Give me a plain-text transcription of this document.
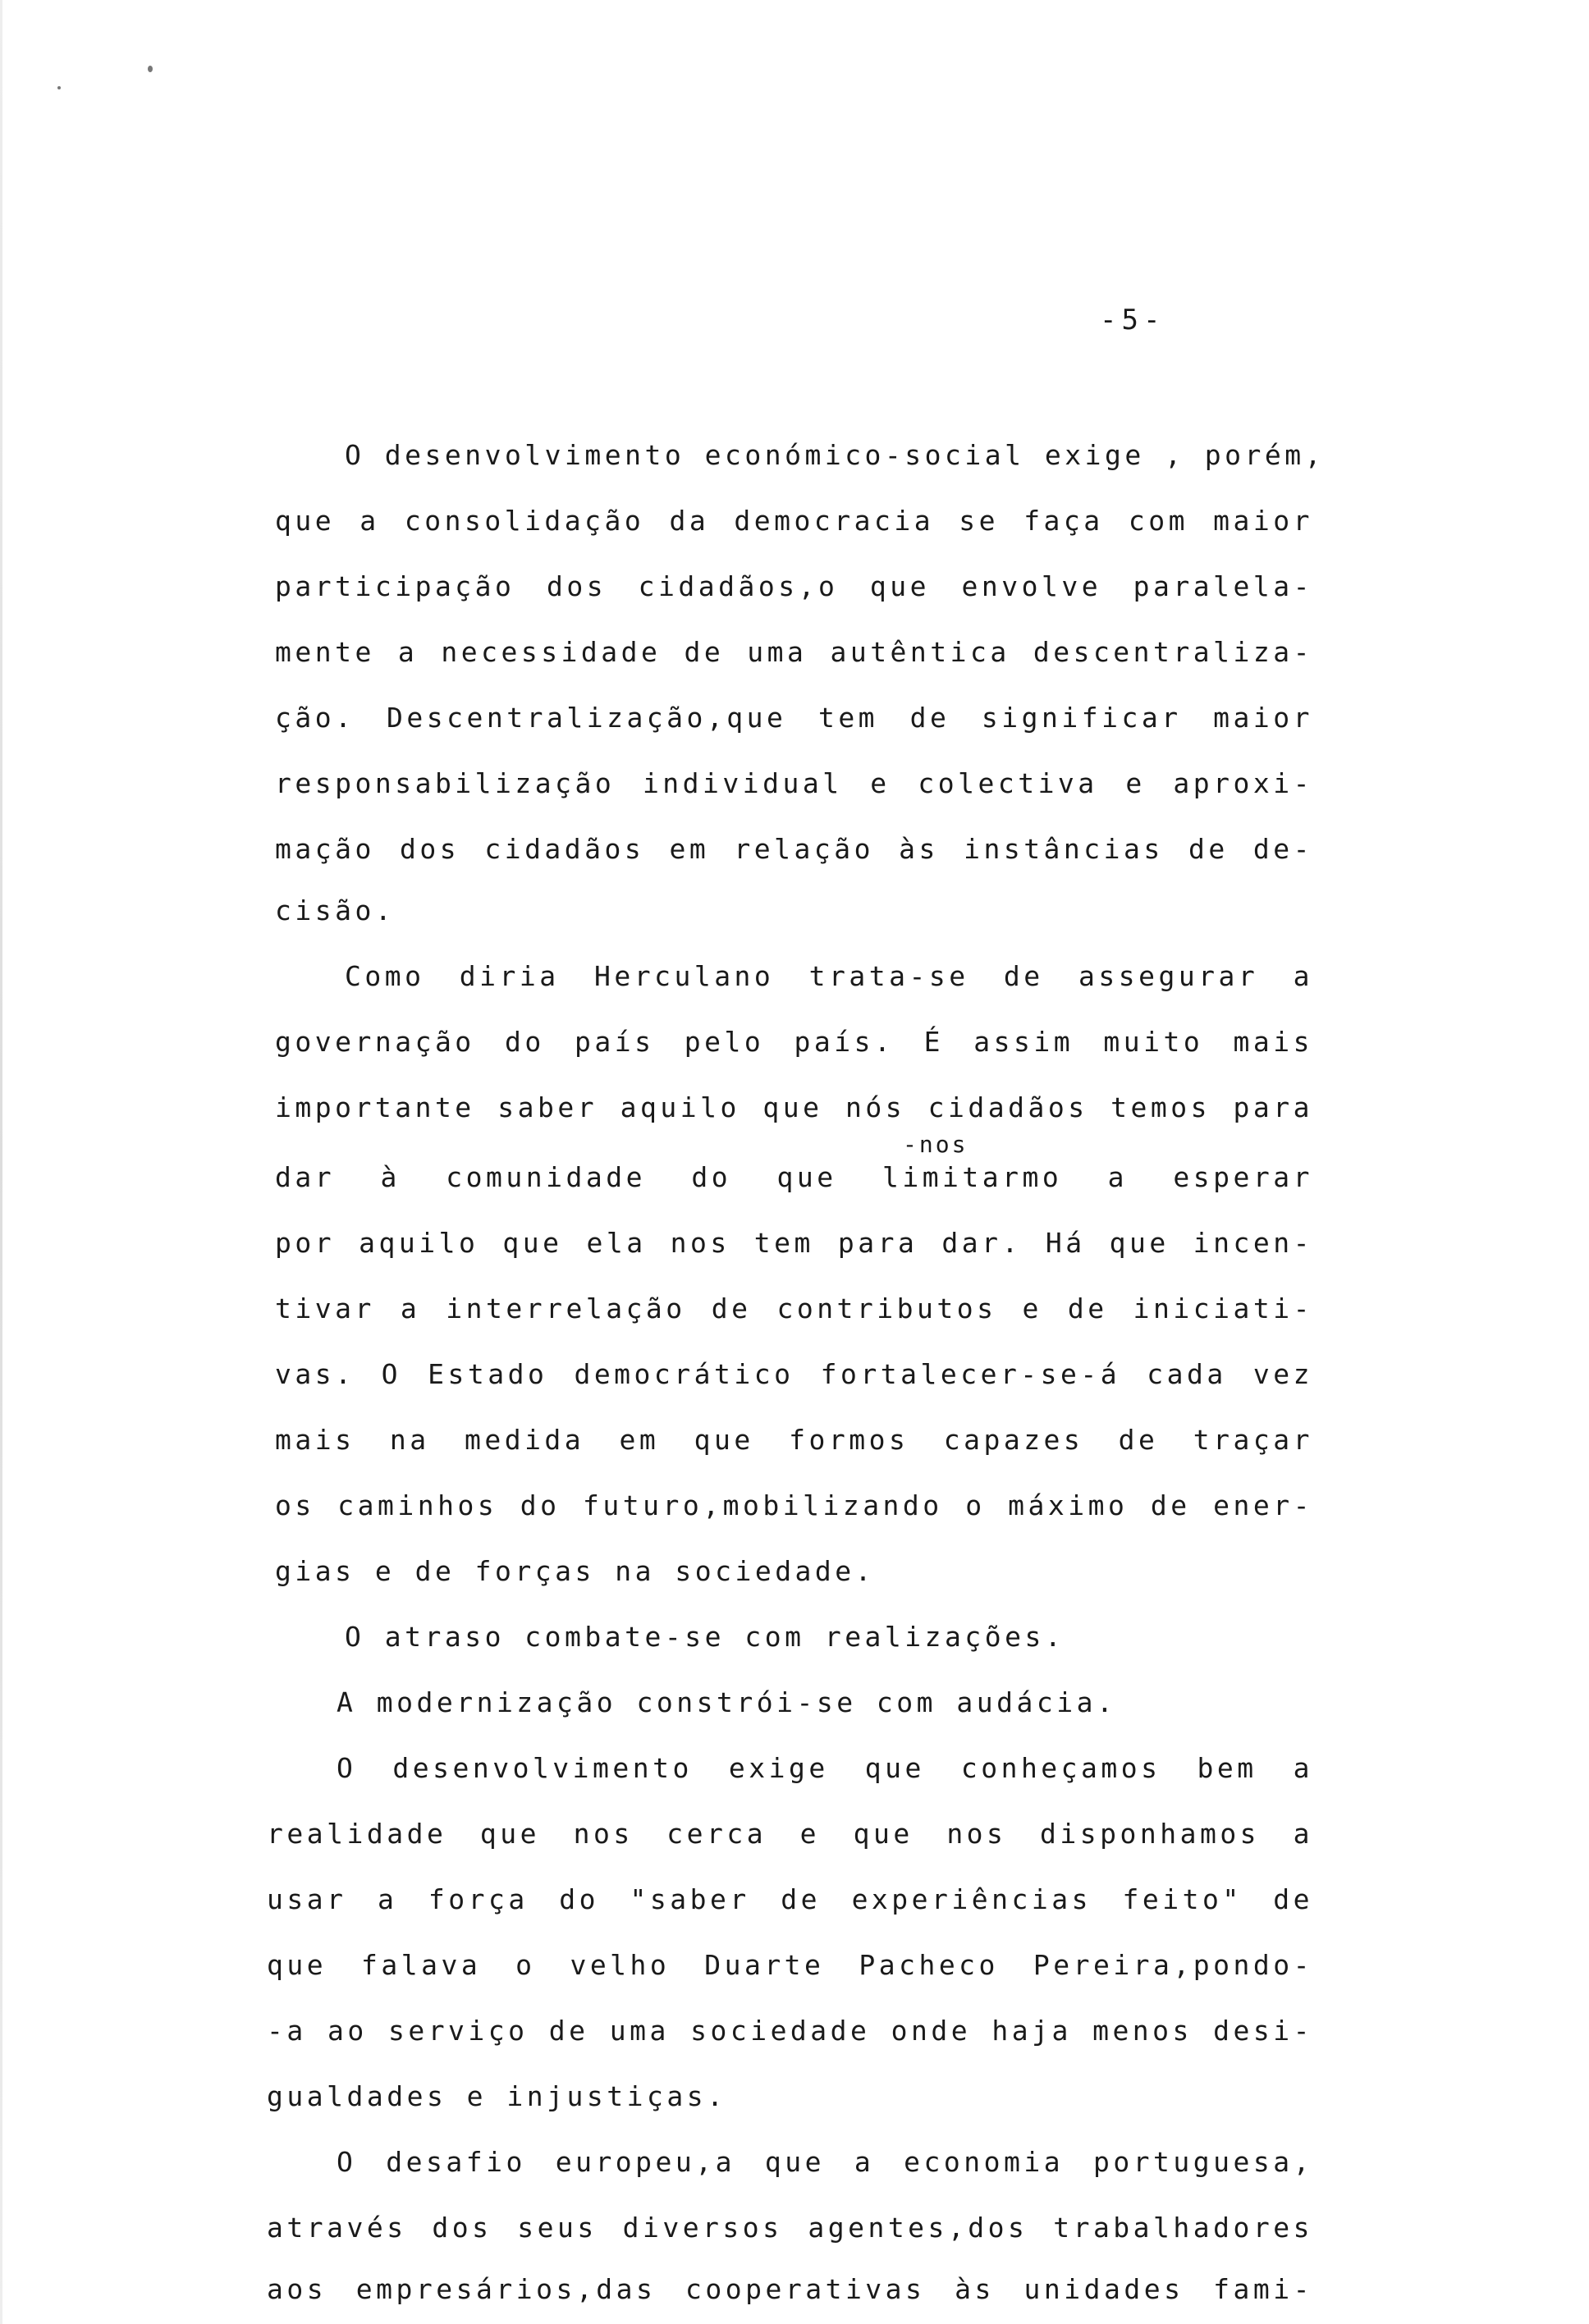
-5-
O desenvolvimento económico-social exige , porém,
que a consolidação da democracia se faça com maior
participação dos cidadãos,o que envolve paralela-
mente a necessidade de uma autêntica descentraliza-
ção. Descentralização,que tem de significar maior
responsabilização individual e colectiva e aproxi-
mação dos cidadãos em relação às instâncias de de-
cisão.
Como diria Herculano trata-se de assegurar a
governação do país pelo país. É assim muito mais
importante saber aquilo que nós cidadãos temos para
dar à comunidade do que limitarmo a esperar
por aquilo que ela nos tem para dar. Há que incen-
tivar a interrelação de contributos e de iniciati-
vas. O Estado democrático fortalecer-se-á cada vez
mais na medida em que formos capazes de traçar
os caminhos do futuro,mobilizando o máximo de ener-
gias e de forças na sociedade.
O atraso combate-se com realizações.
A modernização constrói-se com audácia.
O desenvolvimento exige que conheçamos bem a
realidade que nos cerca e que nos disponhamos a
usar a força do "saber de experiências feito" de
que falava o velho Duarte Pacheco Pereira,pondo-
-a ao serviço de uma sociedade onde haja menos desi-
gualdades e injustiças.
O desafio europeu,a que a economia portuguesa,
através dos seus diversos agentes,dos trabalhadores
aos empresários,das cooperativas às unidades fami-
-nos
